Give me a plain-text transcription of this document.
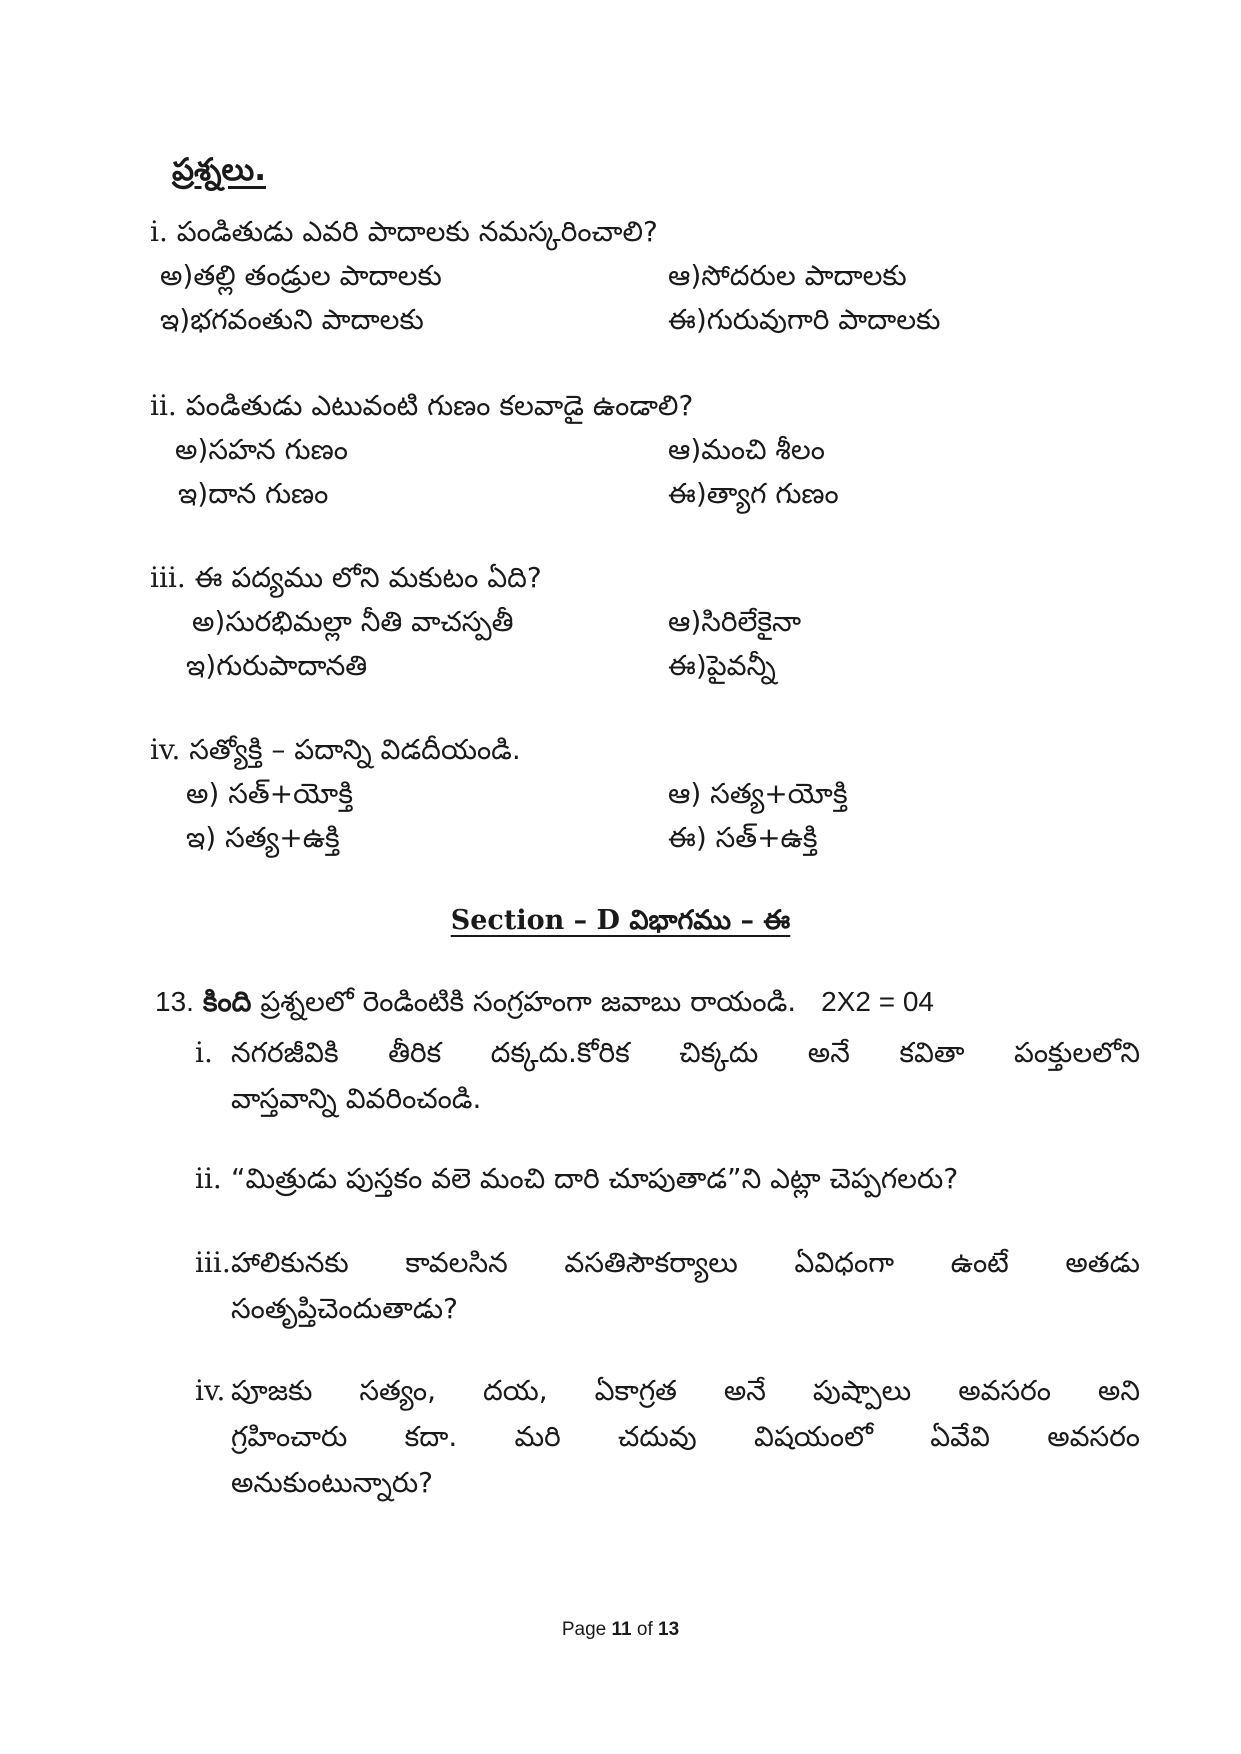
ప్రశ్నలు.
i. పండితుడు ఎవరి పాదాలకు నమస్కరించాలి?
అ)తల్లి తండ్రుల పాదాలకు	ఆ)సోదరుల పాదాలకు
ఇ)భగవంతుని పాదాలకు	ఈ)గురువుగారి పాదాలకు
ii. పండితుడు ఎటువంటి గుణం కలవాడై ఉండాలి?
అ)సహన గుణం	ఆ)మంచి శీలం
ఇ)దాన గుణం	ఈ)త్యాగ గుణం
iii. ఈ పద్యము లోని మకుటం ఏది?
అ)సురభిమల్లా నీతి వాచస్పతీ	ఆ)సిరిలేకైనా
ఇ)గురుపాదానతి	ఈ)పైవన్నీ
iv. సత్యోక్తి – పదాన్ని విడదీయండి.
అ) సత్+యోక్తి	ఆ) సత్య+యోక్తి
ఇ) సత్య+ఉక్తి	ఈ) సత్+ఉక్తి
Section – D విభాగము – ఈ
13. కింది ప్రశ్నలలో రెండింటికి సంగ్రహంగా జవాబు రాయండి. 2X2 = 04
i. నగరజీవికి తీరిక దక్కదు.కోరిక చిక్కదు అనే కవితా పంక్తులలోని
వాస్తవాన్ని వివరించండి.
ii. “మిత్రుడు పుస్తకం వలె మంచి దారి చూపుతాడ”ని ఎట్లా చెప్పగలరు?
iii.హాలికునకు కావలసిన వసతిసౌకర్యాలు ఏవిధంగా ఉంటే అతడు
సంతృప్తిచెందుతాడు?
iv. పూజకు సత్యం, దయ, ఏకాగ్రత అనే పుష్పాలు అవసరం అని
గ్రహించారు కదా. మరి చదువు విషయంలో ఏవేవి అవసరం
అనుకుంటున్నారు?
Page 11 of 13
